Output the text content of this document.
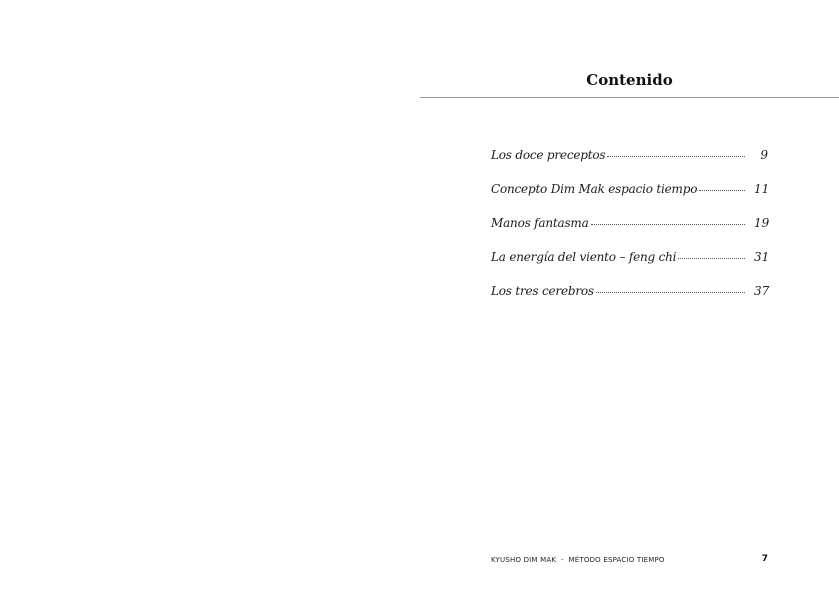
Contenido
Los doce preceptos	9
Concepto Dim Mak espacio tiempo	11
Manos fantasma	19
La energía del viento – feng chi	31
Los tres cerebros	37
KYUSHO DIM MAK  -  MÉTODO ESPACIO TIEMPO	7
